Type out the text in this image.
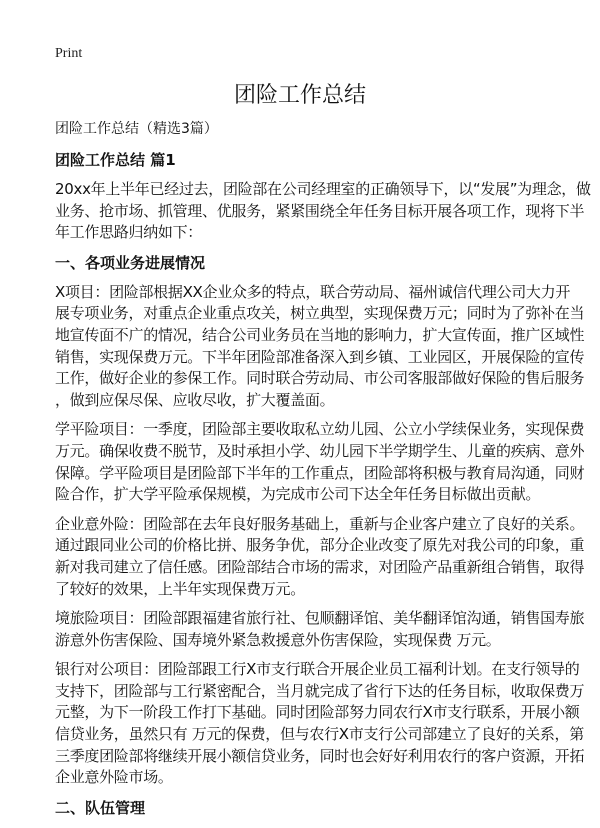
Print
团险工作总结
团险工作总结（精选3篇）
团险工作总结 篇1
20xx年上半年已经过去，团险部在公司经理室的正确领导下，以“发展”为理念，做
业务、抢市场、抓管理、优服务，紧紧围绕全年任务目标开展各项工作，现将下半
年工作思路归纳如下：
一、各项业务进展情况
X项目：团险部根据XX企业众多的特点，联合劳动局、福州诚信代理公司大力开
展专项业务，对重点企业重点攻关，树立典型，实现保费万元；同时为了弥补在当
地宣传面不广的情况，结合公司业务员在当地的影响力，扩大宣传面，推广区域性
销售，实现保费万元。下半年团险部准备深入到乡镇、工业园区，开展保险的宣传
工作，做好企业的参保工作。同时联合劳动局、市公司客服部做好保险的售后服务
，做到应保尽保、应收尽收，扩大覆盖面。
学平险项目：一季度，团险部主要收取私立幼儿园、公立小学续保业务，实现保费
万元。确保收费不脱节，及时承担小学、幼儿园下半学期学生、儿童的疾病、意外
保障。学平险项目是团险部下半年的工作重点，团险部将积极与教育局沟通，同财
险合作，扩大学平险承保规模，为完成市公司下达全年任务目标做出贡献。
企业意外险：团险部在去年良好服务基础上，重新与企业客户建立了良好的关系。
通过跟同业公司的价格比拼、服务争优，部分企业改变了原先对我公司的印象，重
新对我司建立了信任感。团险部结合市场的需求，对团险产品重新组合销售，取得
了较好的效果，上半年实现保费万元。
境旅险项目：团险部跟福建省旅行社、包顺翻译馆、美华翻译馆沟通，销售国寿旅
游意外伤害保险、国寿境外紧急救援意外伤害保险，实现保费 万元。
银行对公项目：团险部跟工行X市支行联合开展企业员工福利计划。在支行领导的
支持下，团险部与工行紧密配合，当月就完成了省行下达的任务目标，收取保费万
元整，为下一阶段工作打下基础。同时团险部努力同农行X市支行联系，开展小额
信贷业务，虽然只有 万元的保费，但与农行X市支行公司部建立了良好的关系，第
三季度团险部将继续开展小额信贷业务，同时也会好好利用农行的客户资源，开拓
企业意外险市场。
二、队伍管理
